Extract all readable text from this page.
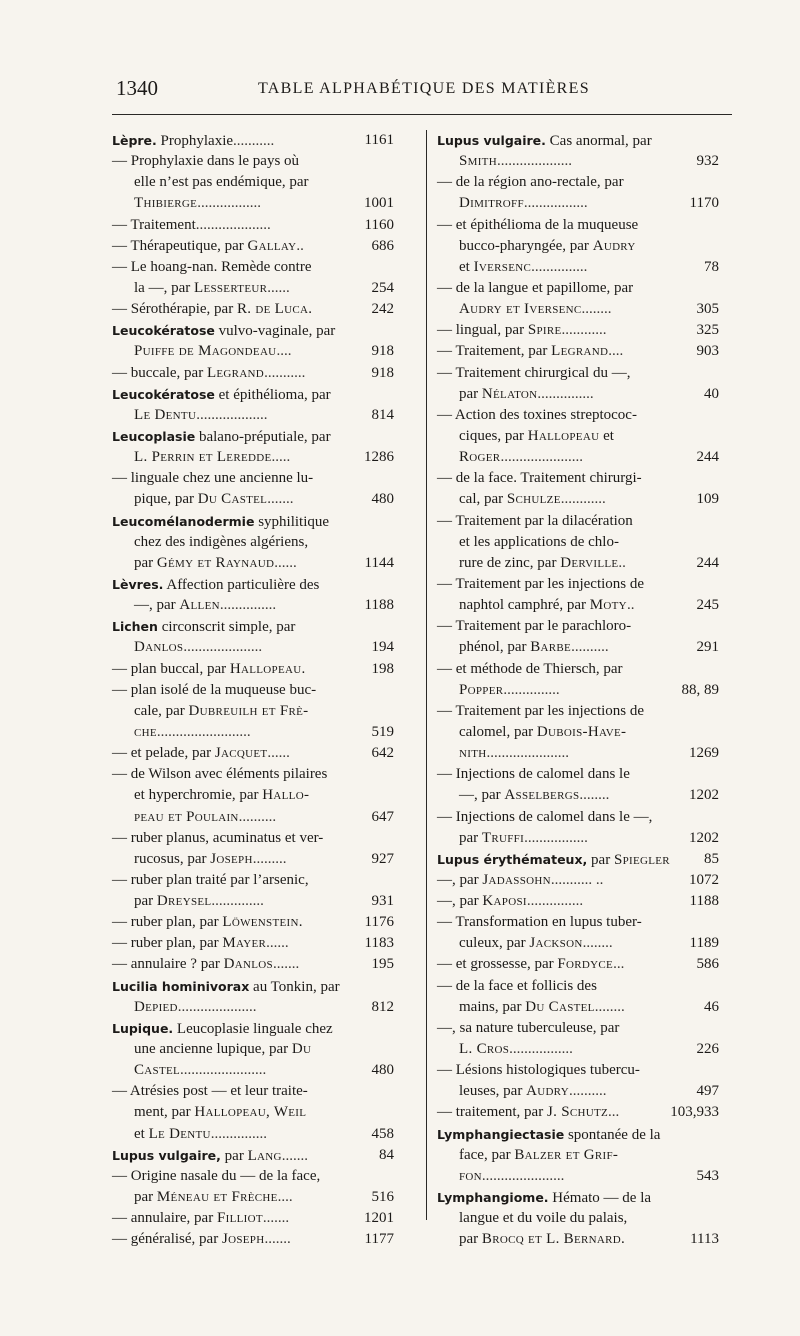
1340	TABLE ALPHABÉTIQUE DES MATIÈRES
Lèpre. Prophylaxie...........	1161
— Prophylaxie dans le pays où
elle n’est pas endémique, par
Thibierge.................	1001
— Traitement....................	1160
— Thérapeutique, par Gallay..	686
— Le hoang-nan. Remède contre
la —, par Lesserteur......	254
— Sérothérapie, par R. de Luca.	242
Leucokératose vulvo-vaginale, par
Puiffe de Magondeau....	918
— buccale, par Legrand...........	918
Leucokératose et épithélioma, par
Le Dentu...................	814
Leucoplasie balano-préputiale, par
L. Perrin et Leredde.....	1286
— linguale chez une ancienne lu-
pique, par Du Castel.......	480
Leucomélanodermie syphilitique
chez des indigènes algériens,
par Gémy et Raynaud......	1144
Lèvres. Affection particulière des
—, par Allen...............	1188
Lichen circonscrit simple, par
Danlos.....................	194
— plan buccal, par Hallopeau.	198
— plan isolé de la muqueuse buc-
cale, par Dubreuilh et Frè-
che.........................	519
— et pelade, par Jacquet......	642
— de Wilson avec éléments pilaires
et hyperchromie, par Hallo-
peau et Poulain..........	647
— ruber planus, acuminatus et ver-
rucosus, par Joseph.........	927
— ruber plan traité par l’arsenic,
par Dreysel..............	931
— ruber plan, par Löwenstein.	1176
— ruber plan, par Mayer......	1183
— annulaire ? par Danlos.......	195
Lucilia hominivorax au Tonkin, par
Depied.....................	812
Lupique. Leucoplasie linguale chez
une ancienne lupique, par Du
Castel.......................	480
— Atrésies post — et leur traite-
ment, par Hallopeau, Weil
et Le Dentu...............	458
Lupus vulgaire, par Lang.......	84
— Origine nasale du — de la face,
par Méneau et Frèche....	516
— annulaire, par Filliot.......	1201
— généralisé, par Joseph.......	1177
Lupus vulgaire. Cas anormal, par
Smith....................	932
— de la région ano-rectale, par
Dimitroff.................	1170
— et épithélioma de la muqueuse
bucco-pharyngée, par Audry
et Iversenc...............	78
— de la langue et papillome, par
Audry et Iversenc........	305
— lingual, par Spire............	325
— Traitement, par Legrand....	903
— Traitement chirurgical du —,
par Nélaton...............	40
— Action des toxines streptococ-
ciques, par Hallopeau et
Roger......................	244
— de la face. Traitement chirurgi-
cal, par Schulze............	109
— Traitement par la dilacération
et les applications de chlo-
rure de zinc, par Derville..	244
— Traitement par les injections de
naphtol camphré, par Moty..	245
— Traitement par le parachloro-
phénol, par Barbe..........	291
— et méthode de Thiersch, par
Popper...............	88, 89
— Traitement par les injections de
calomel, par Dubois-Have-
nith......................	1269
— Injections de calomel dans le
—, par Asselbergs........	1202
— Injections de calomel dans le —,
par Truffi.................	1202
Lupus érythémateux, par Spiegler 85
—, par Jadassohn........... ..	1072
—, par Kaposi...............	1188
— Transformation en lupus tuber-
culeux, par Jackson........	1189
— et grossesse, par Fordyce...	586
— de la face et follicis des
mains, par Du Castel........	46
—, sa nature tuberculeuse, par
L. Cros.................	226
— Lésions histologiques tubercu-
leuses, par Audry..........	497
— traitement, par J. Schutz...	103,933
Lymphangiectasie spontanée de la
face, par Balzer et Grif-
fon......................	543
Lymphangiome. Hémato — de la
langue et du voile du palais,
par Brocq et L. Bernard.	1113
